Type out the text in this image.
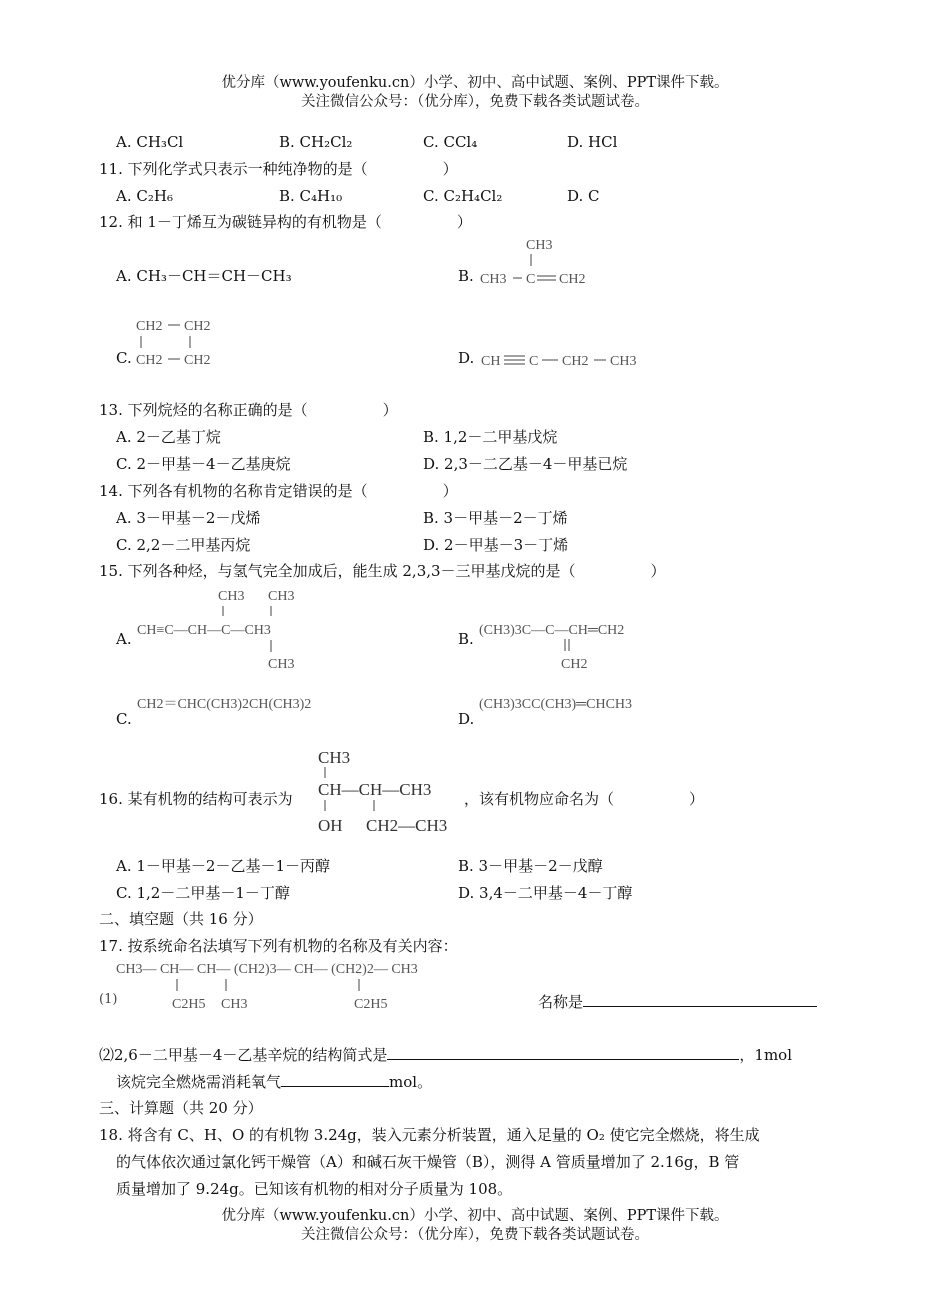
优分库（www.youfenku.cn）小学、初中、高中试题、案例、PPT课件下载。
关注微信公众号：（优分库），免费下载各类试题试卷。
A. CH₃Cl	B. CH₂Cl₂	C. CCl₄	D. HCl
11. 下列化学式只表示一种纯净物的是（　　　　　）
A. C₂H₆	B. C₄H₁₀	C. C₂H₄Cl₂	D. C
12. 和 1－丁烯互为碳链异构的有机物是（　　　　　）
A. CH₃－CH＝CH－CH₃	B.
CH3
CH3 C CH2
C.
CH2 CH2
CH2 CH2	D. CH C CH2 CH3
13. 下列烷烃的名称正确的是（　　　　　）
A. 2－乙基丁烷	B. 1,2－二甲基戊烷
C. 2－甲基－4－乙基庚烷	D. 2,3－二乙基－4－甲基已烷
14. 下列各有机物的名称肯定错误的是（　　　　　）
A. 3－甲基－2－戊烯	B. 3－甲基－2－丁烯
C. 2,2－二甲基丙烷	D. 2－甲基－3－丁烯
15. 下列各种烃，与氢气完全加成后，能生成 2,3,3－三甲基戊烷的是（　　　　　）
A.
CH3 CH3
CH≡C—CH—C—CH3
CH3
B. (CH3)3C—C—CH═CH2
CH2
C.
CH2＝CHC(CH3)2CH(CH3)2
D.
(CH3)3CC(CH3)═CHCH3
16. 某有机物的结构可表示为
CH3
CH—CH—CH3
OH CH2—CH3
，该有机物应命名为（　　　　　）
A. 1－甲基－2－乙基－1－丙醇	B. 3－甲基－2－戊醇
C. 1,2－二甲基－1－丁醇	D. 3,4－二甲基－4－丁醇
二、填空题（共 16 分）
17. 按系统命名法填写下列有机物的名称及有关内容：
(1)
CH3— CH— CH— (CH2)3— CH— (CH2)2— CH3
C2H5 CH3	C2H5	名称是
⑵2,6－二甲基－4－乙基辛烷的结构简式是	，1mol
该烷完全燃烧需消耗氧气	mol。
三、计算题（共 20 分）
18. 将含有 C、H、O 的有机物 3.24g，装入元素分析装置，通入足量的 O₂ 使它完全燃烧，将生成
的气体依次通过氯化钙干燥管（A）和碱石灰干燥管（B），测得 A 管质量增加了 2.16g，B 管
质量增加了 9.24g。已知该有机物的相对分子质量为 108。
优分库（www.youfenku.cn）小学、初中、高中试题、案例、PPT课件下载。
关注微信公众号：（优分库），免费下载各类试题试卷。
